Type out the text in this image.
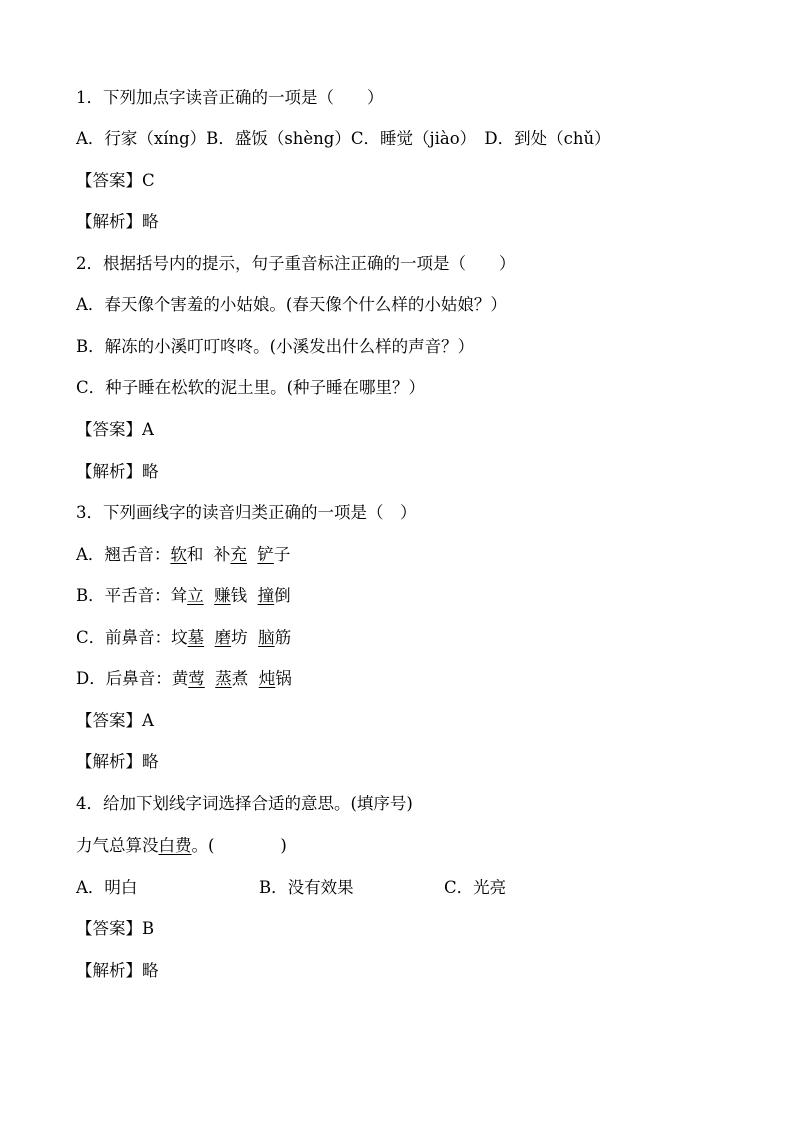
1．下列加点字读音正确的一项是（　　）
A．行家（xíng）B．盛饭（shèng）C．睡觉（jiào）　D．到处（chǔ）
【答案】C
【解析】略
2．根据括号内的提示，句子重音标注正确的一项是（　　）
A．春天像个害羞的小姑娘。(春天像个什么样的小姑娘？）
B．解冻的小溪叮叮咚咚。(小溪发出什么样的声音？）
C．种子睡在松软的泥土里。(种子睡在哪里？）
【答案】A
【解析】略
3．下列画线字的读音归类正确的一项是（　）
A．翘舌音：软和 补充 铲子
B．平舌音：耸立 赚钱 撞倒
C．前鼻音：坟墓 磨坊 脑筋
D．后鼻音：黄莺 蒸煮 炖锅
【答案】A
【解析】略
4．给加下划线字词选择合适的意思。(填序号)
力气总算没白费。(　　　　)
A．明白	B．没有效果	C．光亮
【答案】B
【解析】略
